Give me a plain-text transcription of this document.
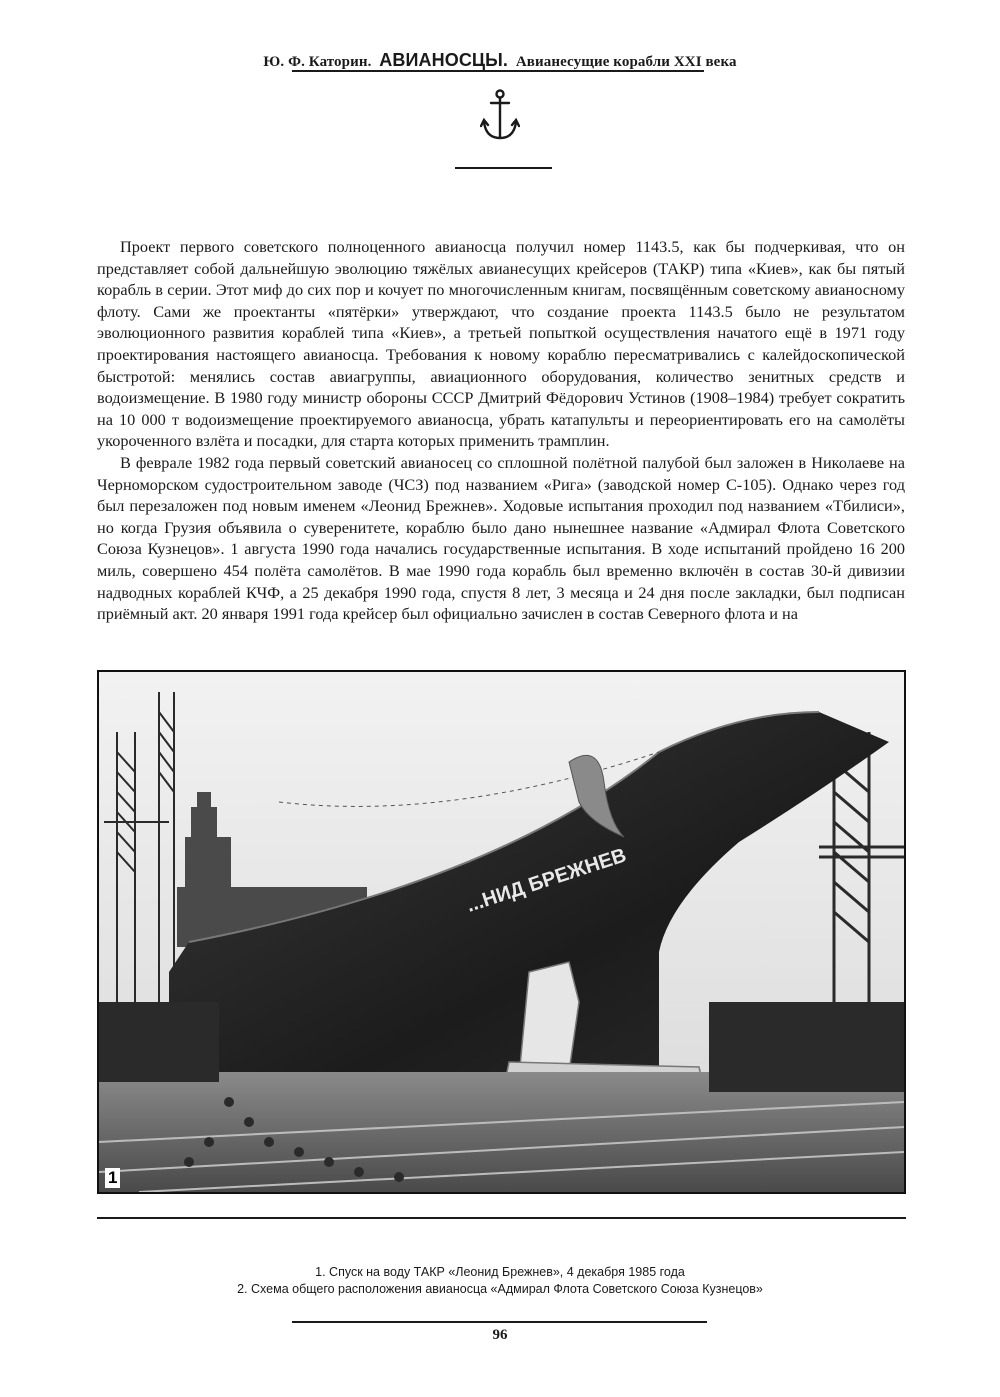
Ю. Ф. Каторин. АВИАНОСЦЫ. Авианесущие корабли XXI века

Проект первого советского полноценного авианосца получил номер 1143.5, как бы подчеркивая, что он представляет собой дальнейшую эволюцию тяжёлых авианесущих крейсеров (ТАКР) типа «Киев», как бы пятый корабль в серии. Этот миф до сих пор и кочует по многочисленным книгам, посвящённым советскому авианосному флоту. Сами же проектанты «пятёрки» утверждают, что создание проекта 1143.5 было не результатом эволюционного развития кораблей типа «Киев», а третьей попыткой осуществления начатого ещё в 1971 году проектирования настоящего авианосца. Требования к новому кораблю пересматривались с калейдоскопической быстротой: менялись состав авиагруппы, авиационного оборудования, количество зенитных средств и водоизмещение. В 1980 году министр обороны СССР Дмитрий Фёдорович Устинов (1908–1984) требует сократить на 10 000 т водоизмещение проектируемого авианосца, убрать катапульты и переориентировать его на самолёты укороченного взлёта и посадки, для старта которых применить трамплин.

В феврале 1982 года первый советский авианосец со сплошной полётной палубой был заложен в Николаеве на Черноморском судостроительном заводе (ЧСЗ) под названием «Рига» (заводской номер С-105). Однако через год был перезаложен под новым именем «Леонид Брежнев». Ходовые испытания проходил под названием «Тбилиси», но когда Грузия объявила о суверенитете, кораблю было дано нынешнее название «Адмирал Флота Советского Союза Кузнецов». 1 августа 1990 года начались государственные испытания. В ходе испытаний пройдено 16 200 миль, совершено 454 полёта самолётов. В мае 1990 года корабль был временно включён в состав 30-й дивизии надводных кораблей КЧФ, а 25 декабря 1990 года, спустя 8 лет, 3 месяца и 24 дня после закладки, был подписан приёмный акт. 20 января 1991 года крейсер был официально зачислен в состав Северного флота и на

...НИД БРЕЖНЕВ
1
1. Спуск на воду ТАКР «Леонид Брежнев», 4 декабря 1985 года
2. Схема общего расположения авианосца «Адмирал Флота Советского Союза Кузнецов»
96
